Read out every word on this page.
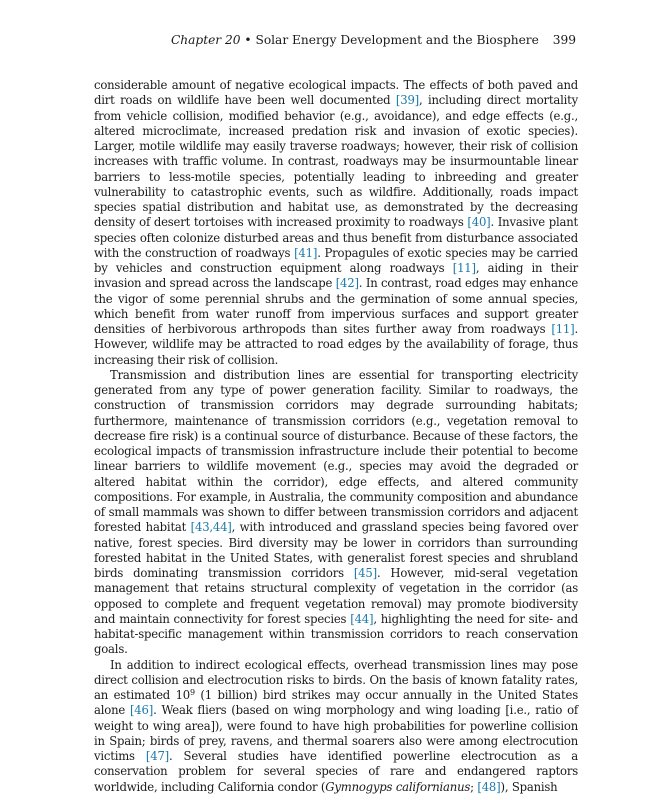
Chapter 20 • Solar Energy Development and the Biosphere 399

considerable amount of negative ecological impacts. The effects of both paved and dirt roads on wildlife have been well documented [39], including direct mortality from vehicle collision, modified behavior (e.g., avoidance), and edge effects (e.g., altered microclimate, increased predation risk and invasion of exotic species). Larger, motile wildlife may easily traverse roadways; however, their risk of collision increases with traffic volume. In contrast, roadways may be insurmountable linear barriers to less-motile species, potentially leading to inbreeding and greater vulnerability to catastrophic events, such as wildfire. Additionally, roads impact species spatial distribution and habitat use, as demonstrated by the decreasing density of desert tortoises with increased proximity to roadways [40]. Invasive plant species often colonize disturbed areas and thus benefit from disturbance associated with the construction of roadways [41]. Propagules of exotic species may be carried by vehicles and construction equipment along roadways [11], aiding in their invasion and spread across the landscape [42]. In contrast, road edges may enhance the vigor of some perennial shrubs and the germination of some annual species, which benefit from water runoff from impervious surfaces and support greater densities of herbivorous arthropods than sites further away from roadways [11]. However, wildlife may be attracted to road edges by the availability of forage, thus increasing their risk of collision.

Transmission and distribution lines are essential for transporting electricity generated from any type of power generation facility. Similar to roadways, the construction of transmission corridors may degrade surrounding habitats; furthermore, maintenance of transmission corridors (e.g., vegetation removal to decrease fire risk) is a continual source of disturbance. Because of these factors, the ecological impacts of transmission infrastructure include their potential to become linear barriers to wildlife movement (e.g., species may avoid the degraded or altered habitat within the corridor), edge effects, and altered community compositions. For example, in Australia, the community composition and abundance of small mammals was shown to differ between transmission corridors and adjacent forested habitat [43,44], with introduced and grassland species being favored over native, forest species. Bird diversity may be lower in corridors than surrounding forested habitat in the United States, with generalist forest species and shrubland birds dominating transmission corridors [45]. However, mid-seral vegetation management that retains structural complexity of vegetation in the corridor (as opposed to complete and frequent vegetation removal) may promote biodiversity and maintain connectivity for forest species [44], highlighting the need for site- and habitat-specific management within transmission corridors to reach conservation goals.

In addition to indirect ecological effects, overhead transmission lines may pose direct collision and electrocution risks to birds. On the basis of known fatality rates, an estimated $10^9$ (1 billion) bird strikes may occur annually in the United States alone [46]. Weak fliers (based on wing morphology and wing loading [i.e., ratio of weight to wing area]), were found to have high probabilities for powerline collision in Spain; birds of prey, ravens, and thermal soarers also were among electrocution victims [47]. Several studies have identified powerline electrocution as a conservation problem for several species of rare and endangered raptors worldwide, including California condor (Gymnogyps californianus; [48]), Spanish
